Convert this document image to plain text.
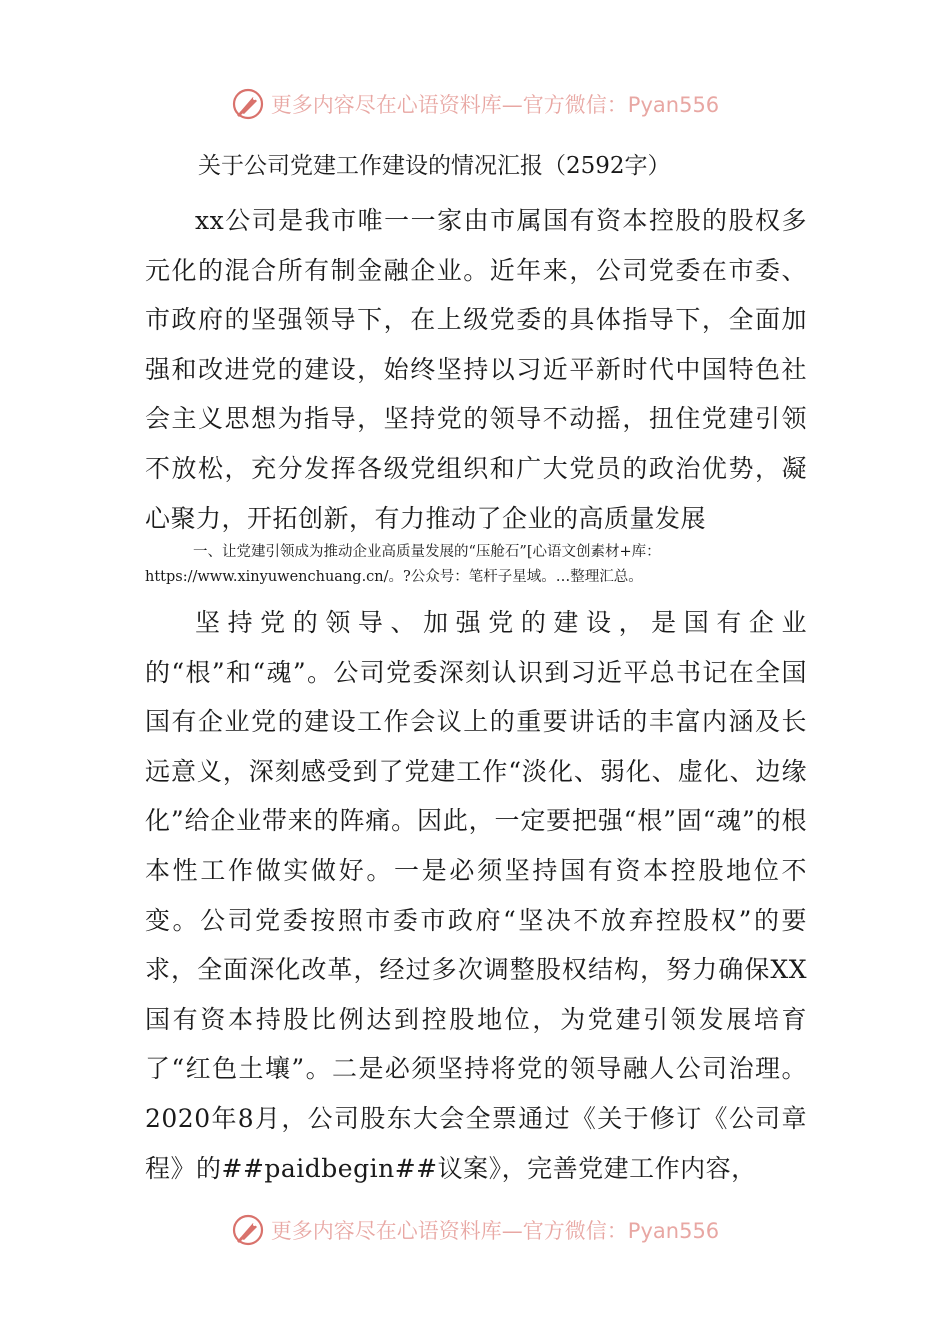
更多内容尽在心语资料库—官方微信：Pyan556
关于公司党建工作建设的情况汇报（2592字）

xx公司是我市唯一一家由市属国有资本控股的股权多元化的混合所有制金融企业。近年来，公司党委在市委、市政府的坚强领导下，在上级党委的具体指导下，全面加强和改进党的建设，始终坚持以习近平新时代中国特色社会主义思想为指导，坚持党的领导不动摇，扭住党建引领不放松，充分发挥各级党组织和广大党员的政治优势，凝心聚力，开拓创新，有力推动了企业的高质量发展

一、让党建引领成为推动企业高质量发展的“压舱石”[心语文创素材+库：
https://www.xinyuwenchuang.cn/。?公众号：笔杆子星域。…整理汇总。

坚持党的领导、加强党的建设，是国有企业的“根”和“魂”。公司党委深刻认识到习近平总书记在全国国有企业党的建设工作会议上的重要讲话的丰富内涵及长远意义，深刻感受到了党建工作“淡化、弱化、虚化、边缘化”给企业带来的阵痛。因此，一定要把强“根”固“魂”的根本性工作做实做好。一是必须坚持国有资本控股地位不变。公司党委按照市委市政府“坚决不放弃控股权”的要求，全面深化改革，经过多次调整股权结构，努力确保XX国有资本持股比例达到控股地位，为党建引领发展培育了“红色土壤”。二是必须坚持将党的领导融人公司治理。2020年8月，公司股东大会全票通过《关于修订《公司章程》的##paidbegin##议案》，完善党建工作内容，

更多内容尽在心语资料库—官方微信：Pyan556
